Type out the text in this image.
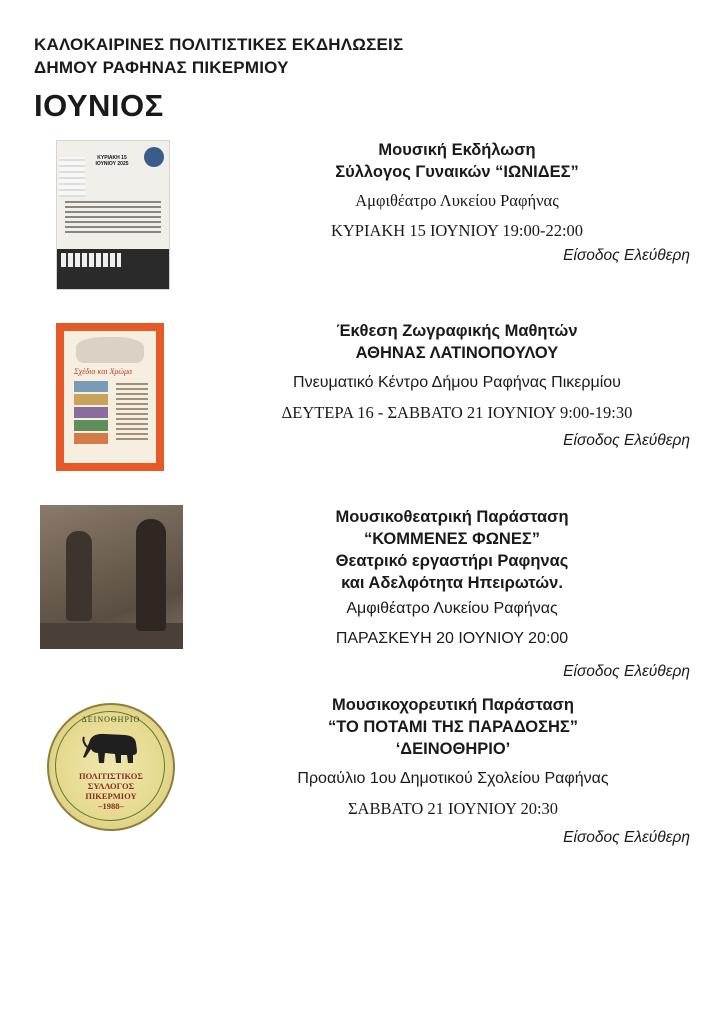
ΚΑΛΟΚΑΙΡΙΝΕΣ ΠΟΛΙΤΙΣΤΙΚΕΣ ΕΚΔΗΛΩΣΕΙΣ
ΔΗΜΟΥ ΡΑΦΗΝΑΣ ΠΙΚΕΡΜΙΟΥ
ΙΟΥΝΙΟΣ
ΚΥΡΙΑΚΗ 15 ΙΟΥΝΙΟΥ 2025
Μουσική Εκδήλωση
Σύλλογος Γυναικών “ΙΩΝΙΔΕΣ”
Αμφιθέατρο Λυκείου Ραφήνας
ΚΥΡΙΑΚΗ 15 ΙΟΥΝΙΟΥ 19:00-22:00
Είσοδος Ελεύθερη
Σχέδιο και Χρώμα
Έκθεση Ζωγραφικής Μαθητών
ΑΘΗΝΑΣ ΛΑΤΙΝΟΠΟΥΛΟΥ
Πνευματικό Κέντρο Δήμου Ραφήνας Πικερμίου
ΔΕΥΤΕΡΑ 16 - ΣΑΒΒΑΤΟ 21 ΙΟΥΝΙΟΥ 9:00-19:30
Είσοδος Ελεύθερη
Μουσικοθεατρική Παράσταση
“ΚΟΜΜΕΝΕΣ ΦΩΝΕΣ”
Θεατρικό εργαστήρι Ραφηνας
και Αδελφότητα Ηπειρωτών.
Αμφιθέατρο Λυκείου Ραφήνας
ΠΑΡΑΣΚΕΥΗ 20 ΙΟΥΝΙΟΥ 20:00
Είσοδος Ελεύθερη
ΔΕΙΝΟΘΗΡΙΟ
ΠΟΛΙΤΙΣΤΙΚΟΣ
ΣΥΛΛΟΓΟΣ
ΠΙΚΕΡΜΙΟΥ
–1988–
Μουσικοχορευτική Παράσταση
“ΤΟ ΠΟΤΑΜΙ ΤΗΣ ΠΑΡΑΔΟΣΗΣ”
‘ΔΕΙΝΟΘΗΡΙΟ’
Προαύλιο 1ου Δημοτικού Σχολείου Ραφήνας
ΣΑΒΒΑΤΟ 21 ΙΟΥΝΙΟΥ 20:30
Είσοδος Ελεύθερη
